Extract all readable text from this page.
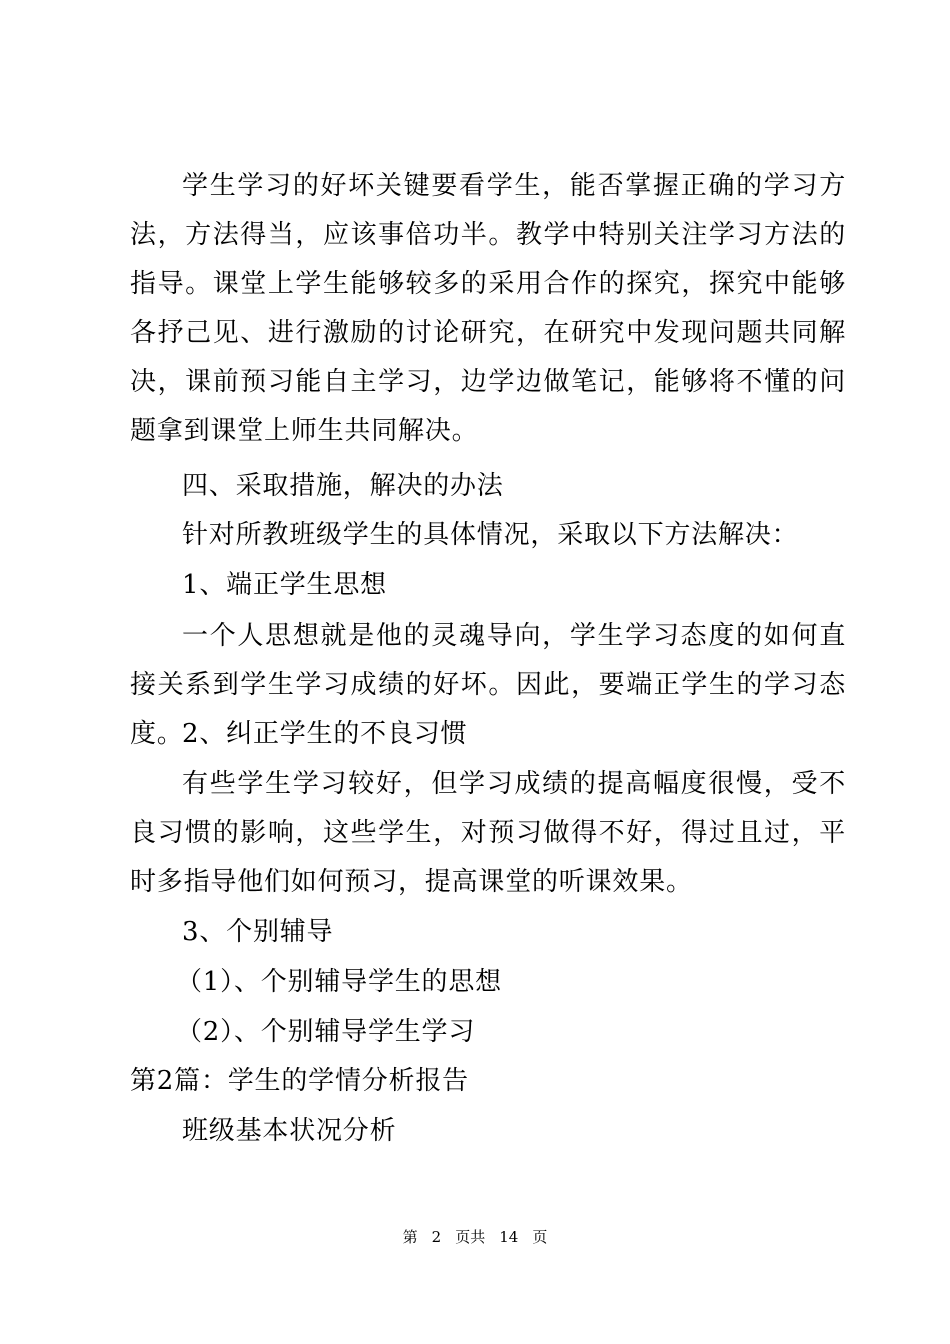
学生学习的好坏关键要看学生，能否掌握正确的学习方法，方法得当，应该事倍功半。教学中特别关注学习方法的指导。课堂上学生能够较多的采用合作的探究，探究中能够各抒己见、进行激励的讨论研究，在研究中发现问题共同解决，课前预习能自主学习，边学边做笔记，能够将不懂的问题拿到课堂上师生共同解决。

四、采取措施，解决的办法

针对所教班级学生的具体情况，采取以下方法解决：

1、端正学生思想

一个人思想就是他的灵魂导向，学生学习态度的如何直接关系到学生学习成绩的好坏。因此，要端正学生的学习态度。

2、纠正学生的不良习惯

有些学生学习较好，但学习成绩的提高幅度很慢，受不良习惯的影响，这些学生，对预习做得不好，得过且过，平时多指导他们如何预习，提高课堂的听课效果。

3、个别辅导

（1）、个别辅导学生的思想

（2）、个别辅导学生学习

第2篇：学生的学情分析报告

班级基本状况分析

第 2 页共 14 页
